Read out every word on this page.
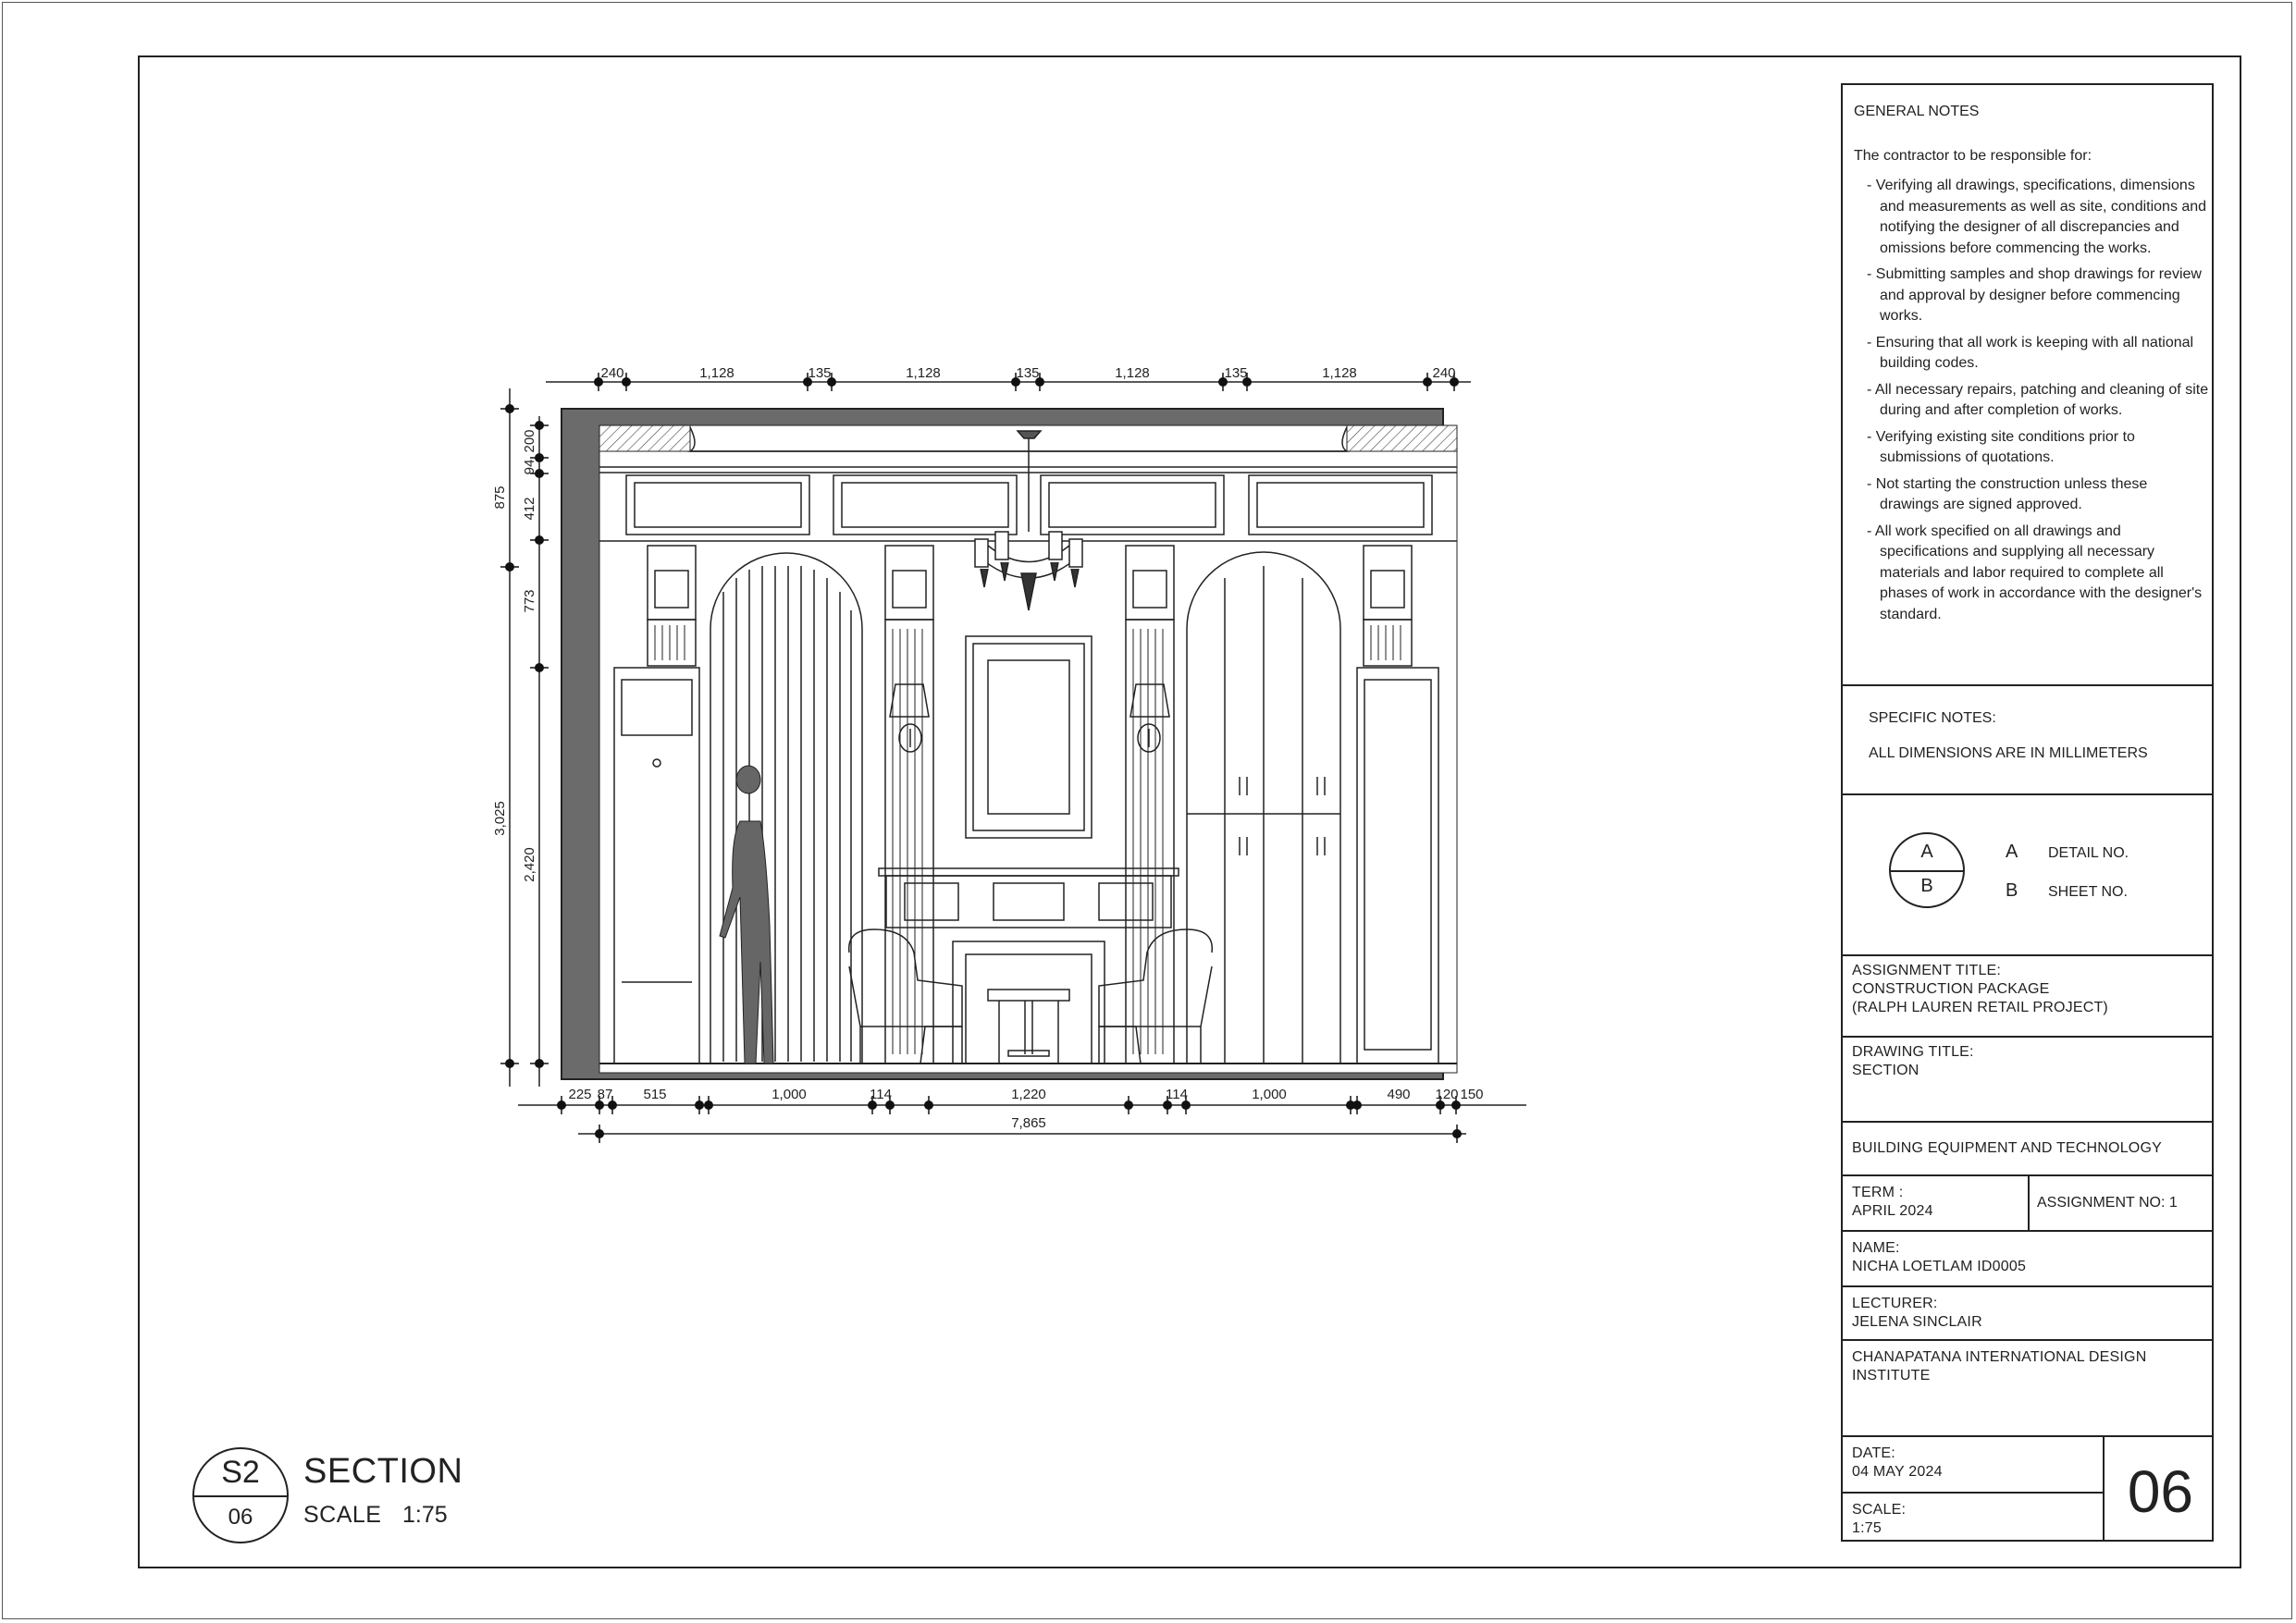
240	1,128	135	1,128	135	1,128	135	1,128	240
875
3,025
200
94
412
773
2,420
225 87 515	1,000	114	1,220	114	1,000	490 120 150
7,865
S2
06
SECTION
SCALE 1:75
GENERAL NOTES
The contractor to be responsible for:
- Verifying all drawings, specifications, dimensions and measurements as well as site, conditions and notifying the designer of all discrepancies and omissions before commencing the works.
- Submitting samples and shop drawings for review and approval by designer before commencing works.
- Ensuring that all work is keeping with all national building codes.
- All necessary repairs, patching and cleaning of site during and after completion of works.
- Verifying existing site conditions prior to submissions of quotations.
- Not starting the construction unless these drawings are signed approved.
- All work specified on all drawings and specifications and supplying all necessary materials and labor required to complete all phases of work in accordance with the designer's standard.
SPECIFIC NOTES:
ALL DIMENSIONS ARE IN MILLIMETERS
A
B
A DETAIL NO.
B SHEET NO.
ASSIGNMENT TITLE:
CONSTRUCTION PACKAGE
(RALPH LAUREN RETAIL PROJECT)
DRAWING TITLE:
SECTION
BUILDING EQUIPMENT AND TECHNOLOGY
TERM :
APRIL 2024
ASSIGNMENT NO: 1
NAME:
NICHA LOETLAM ID0005
LECTURER:
JELENA SINCLAIR
CHANAPATANA INTERNATIONAL DESIGN
INSTITUTE
DATE:
04 MAY 2024
SCALE:
1:75
06
